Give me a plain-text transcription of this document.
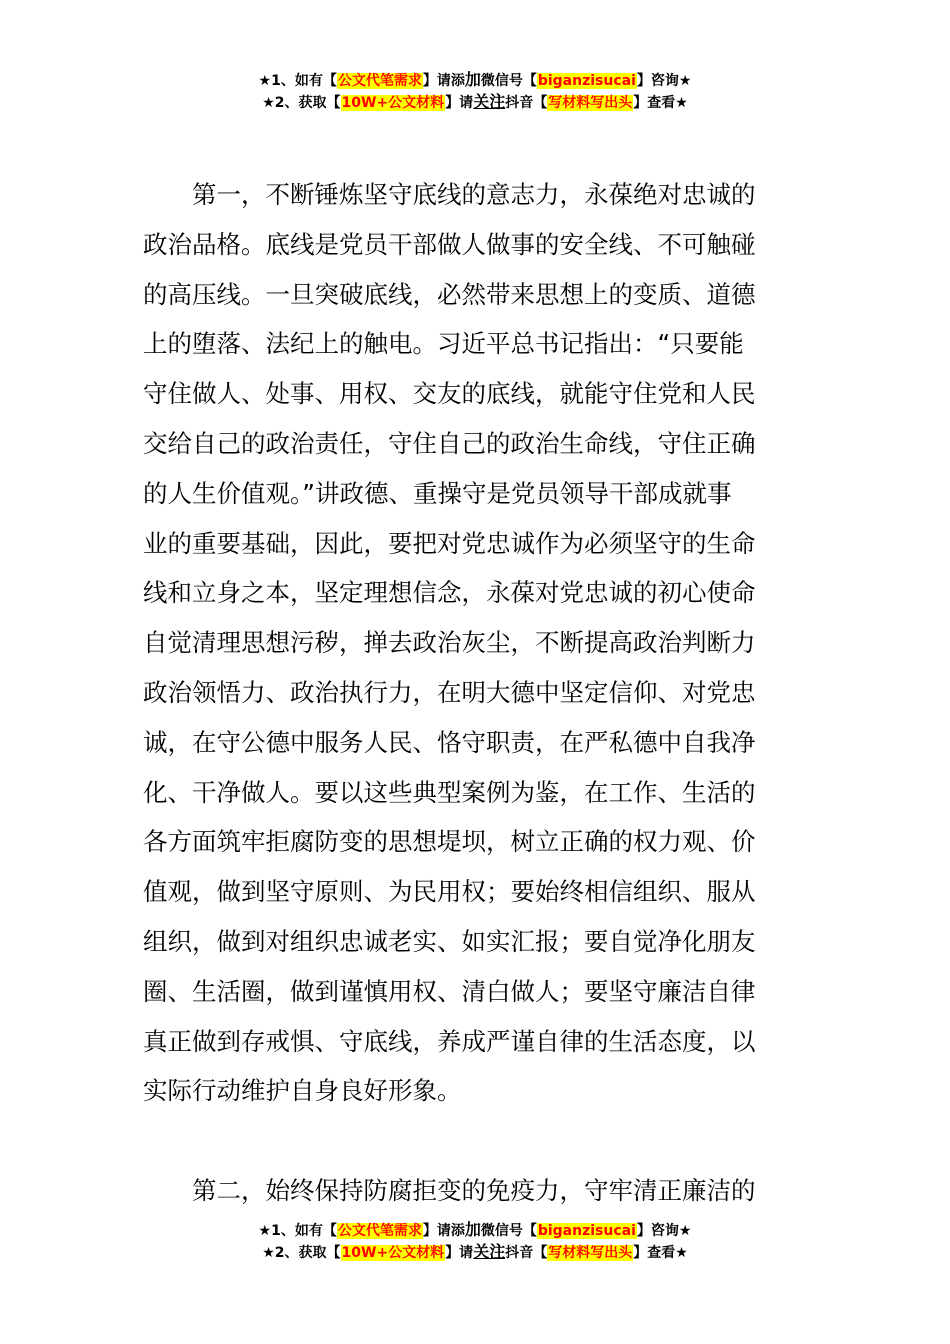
★1、如有【公文代笔需求】请添加微信号【biganzisucai】咨询★
★2、获取【10W+公文材料】请关注抖音【写材料写出头】查看★
　　第一，不断锤炼坚守底线的意志力，永葆绝对忠诚的
政治品格。底线是党员干部做人做事的安全线、不可触碰
的高压线。一旦突破底线，必然带来思想上的变质、道德
上的堕落、法纪上的触电。习近平总书记指出：“只要能
守住做人、处事、用权、交友的底线，就能守住党和人民
交给自己的政治责任，守住自己的政治生命线，守住正确
的人生价值观。”讲政德、重操守是党员领导干部成就事
业的重要基础，因此，要把对党忠诚作为必须坚守的生命
线和立身之本，坚定理想信念，永葆对党忠诚的初心使命
自觉清理思想污秽，掸去政治灰尘，不断提高政治判断力
政治领悟力、政治执行力，在明大德中坚定信仰、对党忠
诚，在守公德中服务人民、恪守职责，在严私德中自我净
化、干净做人。要以这些典型案例为鉴，在工作、生活的
各方面筑牢拒腐防变的思想堤坝，树立正确的权力观、价
值观，做到坚守原则、为民用权；要始终相信组织、服从
组织，做到对组织忠诚老实、如实汇报；要自觉净化朋友
圈、生活圈，做到谨慎用权、清白做人；要坚守廉洁自律
真正做到存戒惧、守底线，养成严谨自律的生活态度，以
实际行动维护自身良好形象。
　　第二，始终保持防腐拒变的免疫力，守牢清正廉洁的
★1、如有【公文代笔需求】请添加微信号【biganzisucai】咨询★
★2、获取【10W+公文材料】请关注抖音【写材料写出头】查看★
